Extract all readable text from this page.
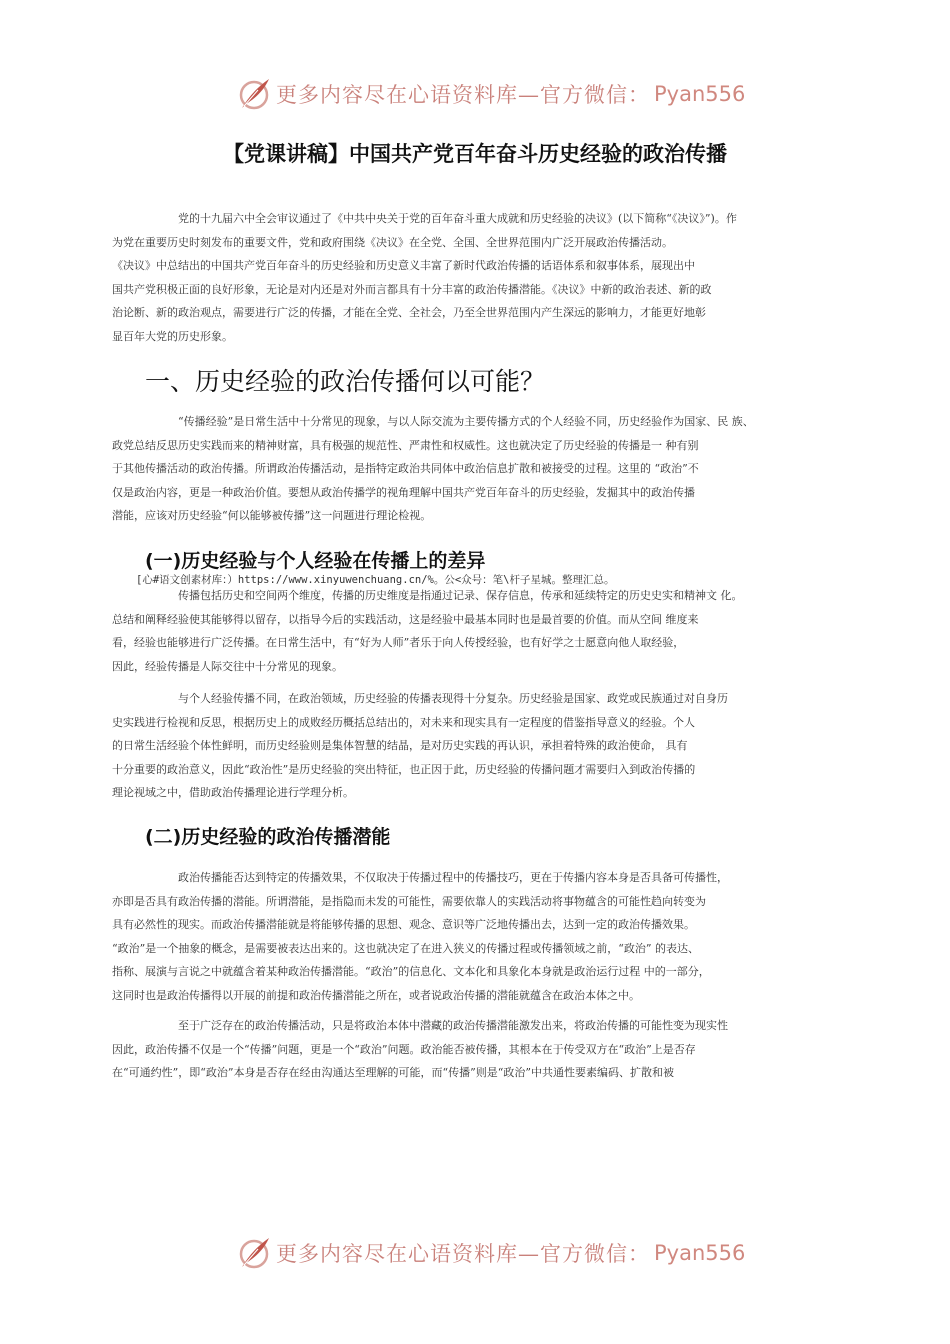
更多内容尽在心语资料库—官方微信： Pyan556
【党课讲稿】中国共产党百年奋斗历史经验的政治传播

党的十九届六中全会审议通过了《中共中央关于党的百年奋斗重大成就和历史经验的决议》(以下简称“《决议》”)。作
为党在重要历史时刻发布的重要文件，党和政府围绕《决议》在全党、全国、全世界范围内广泛开展政治传播活动。
《决议》中总结出的中国共产党百年奋斗的历史经验和历史意义丰富了新时代政治传播的话语体系和叙事体系，展现出中
国共产党积极正面的良好形象，无论是对内还是对外而言都具有十分丰富的政治传播潜能。《决议》中新的政治表述、新的政
治论断、新的政治观点，需要进行广泛的传播，才能在全党、全社会，乃至全世界范围内产生深远的影响力，才能更好地彰
显百年大党的历史形象。

一、历史经验的政治传播何以可能？

“传播经验”是日常生活中十分常见的现象，与以人际交流为主要传播方式的个人经验不同，历史经验作为国家、民 族、
政党总结反思历史实践而来的精神财富，具有极强的规范性、严肃性和权威性。这也就决定了历史经验的传播是一 种有别
于其他传播活动的政治传播。所谓政治传播活动，是指特定政治共同体中政治信息扩散和被接受的过程。这里的 “政治”不
仅是政治内容，更是一种政治价值。要想从政治传播学的视角理解中国共产党百年奋斗的历史经验，发掘其中的政治传播
潜能，应该对历史经验“何以能够被传播”这一问题进行理论检视。

(一)历史经验与个人经验在传播上的差异
[心#语文创素材库：）https://www.xinyuwenchuang.cn/%。公<众号：笔\杆子星城。整理汇总。

传播包括历史和空间两个维度，传播的历史维度是指通过记录、保存信息，传承和延续特定的历史史实和精神文 化。
总结和阐释经验使其能够得以留存，以指导今后的实践活动，这是经验中最基本同时也是最首要的价值。而从空间 维度来
看，经验也能够进行广泛传播。在日常生活中，有“好为人师”者乐于向人传授经验，也有好学之士愿意向他人取经验，
因此，经验传播是人际交往中十分常见的现象。

与个人经验传播不同，在政治领域，历史经验的传播表现得十分复杂。历史经验是国家、政党或民族通过对自身历
史实践进行检视和反思，根据历史上的成败经历概括总结出的，对未来和现实具有一定程度的借鉴指导意义的经验。个人
的日常生活经验个体性鲜明，而历史经验则是集体智慧的结晶，是对历史实践的再认识，承担着特殊的政治使命， 具有
十分重要的政治意义，因此“政治性”是历史经验的突出特征，也正因于此，历史经验的传播问题才需要归入到政治传播的
理论视域之中，借助政治传播理论进行学理分析。

(二)历史经验的政治传播潜能

政治传播能否达到特定的传播效果，不仅取决于传播过程中的传播技巧，更在于传播内容本身是否具备可传播性，
亦即是否具有政治传播的潜能。所谓潜能，是指隐而未发的可能性，需要依靠人的实践活动将事物蕴含的可能性趋向转变为
具有必然性的现实。而政治传播潜能就是将能够传播的思想、观念、意识等广泛地传播出去，达到一定的政治传播效果。
“政治”是一个抽象的概念，是需要被表达出来的。这也就决定了在进入狭义的传播过程或传播领域之前，“政治” 的表达、
指称、展演与言说之中就蕴含着某种政治传播潜能。“政治”的信息化、文本化和具象化本身就是政治运行过程 中的一部分，
这同时也是政治传播得以开展的前提和政治传播潜能之所在，或者说政治传播的潜能就蕴含在政治本体之中。

至于广泛存在的政治传播活动，只是将政治本体中潜藏的政治传播潜能激发出来，将政治传播的可能性变为现实性
因此，政治传播不仅是一个“传播”问题，更是一个“政治”问题。政治能否被传播，其根本在于传受双方在“政治”上是否存
在“可通约性”，即“政治”本身是否存在经由沟通达至理解的可能，而“传播”则是“政治”中共通性要素编码、扩散和被

更多内容尽在心语资料库—官方微信： Pyan556
